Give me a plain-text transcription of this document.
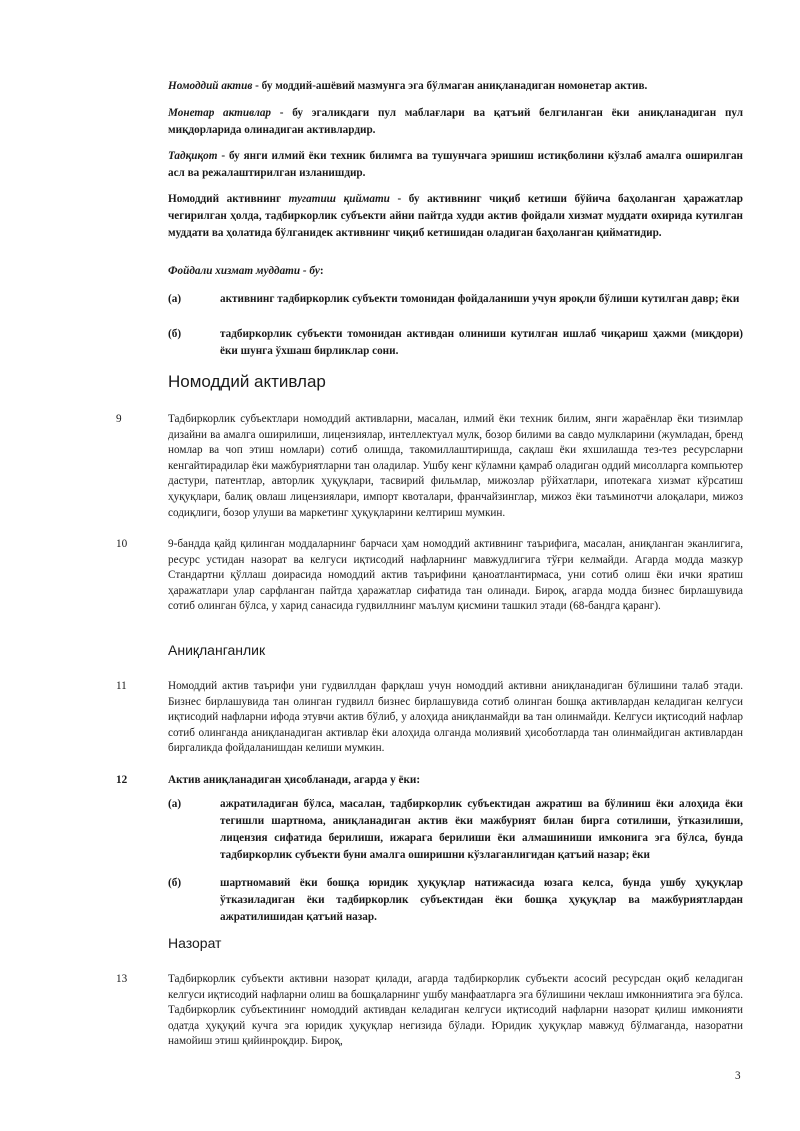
Номоддий актив - бу моддий-ашёвий мазмунга эга бўлмаган аниқланадиган номонетар актив.

Монетар активлар - бу эгаликдаги пул маблағлари ва қатъий белгиланган ёки аниқланадиган пул миқдорларида олинадиган активлардир.

Тадқиқот - бу янги илмий ёки техник билимга ва тушунчага эришиш истиқболини кўзлаб амалга оширилган асл ва режалаштирилган изланишдир.

Номоддий активнинг тугатиш қиймати - бу активнинг чиқиб кетиши бўйича баҳоланган ҳаражатлар чегирилган ҳолда, тадбиркорлик субъекти айни пайтда худди актив фойдали хизмат муддати охирида кутилган муддати ва ҳолатида бўлганидек активнинг чиқиб кетишидан оладиган баҳоланган қийматидир.

Фойдали хизмат муддати - бу:

(а)	активнинг тадбиркорлик субъекти томонидан фойдаланиши учун яроқли бўлиши кутилган давр; ёки
(б)	тадбиркорлик субъекти томонидан активдан олиниши кутилган ишлаб чиқариш ҳажми (миқдори) ёки шунга ўхшаш бирликлар сони.
Номоддий активлар
9	Тадбиркорлик субъектлари номоддий активларни, масалан, илмий ёки техник билим, янги жараёнлар ёки тизимлар дизайни ва амалга оширилиши, лицензиялар, интеллектуал мулк, бозор билими ва савдо мулкларини (жумладан, бренд номлар ва чоп этиш номлари) сотиб олишда, такомиллаштиришда, сақлаш ёки яхшилашда тез-тез ресурсларни кенгайтирадилар ёки мажбуриятларни тан оладилар. Ушбу кенг кўламни қамраб оладиган оддий мисолларга компьютер дастури, патентлар, авторлик ҳуқуқлари, тасвирий фильмлар, мижозлар рўйхатлари, ипотекага хизмат кўрсатиш ҳуқуқлари, балиқ овлаш лицензиялари, импорт квоталари, франчайзинглар, мижоз ёки таъминотчи алоқалари, мижоз содиқлиги, бозор улуши ва маркетинг ҳуқуқларини келтириш мумкин.

10	9-бандда қайд қилинган моддаларнинг барчаси ҳам номоддий активнинг таърифига, масалан, аниқланган эканлигига, ресурс устидан назорат ва келгуси иқтисодий нафларнинг мавжудлигига тўғри келмайди. Агарда модда мазкур Стандартни қўллаш доирасида номоддий актив таърифини қаноатлантирмаса, уни сотиб олиш ёки ички яратиш ҳаражатлари улар сарфланган пайтда ҳаражатлар сифатида тан олинади. Бироқ, агарда модда бизнес бирлашувида сотиб олинган бўлса, у харид санасида гудвиллнинг маълум қисмини ташкил этади (68-бандга қаранг).

Аниқланганлик
11	Номоддий актив таърифи уни гудвиллдан фарқлаш учун номоддий активни аниқланадиган бўлишини талаб этади. Бизнес бирлашувида тан олинган гудвилл бизнес бирлашувида сотиб олинган бошқа активлардан келадиган келгуси иқтисодий нафларни ифода этувчи актив бўлиб, у алоҳида аниқланмайди ва тан олинмайди. Келгуси иқтисодий нафлар сотиб олинганда аниқланадиган активлар ёки алоҳида олганда молиявий ҳисоботларда тан олинмайдиган активлардан биргаликда фойдаланишдан келиши мумкин.

12	Актив аниқланадиган ҳисобланади, агарда у ёки:

(а)	ажратиладиган бўлса, масалан, тадбиркорлик субъектидан ажратиш ва бўлиниш ёки алоҳида ёки тегишли шартнома, аниқланадиган актив ёки мажбурият билан бирга сотилиши, ўтказилиши, лицензия сифатида берилиши, ижарага берилиши ёки алмашиниши имконига эга бўлса, бунда тадбиркорлик субъекти буни амалга оширишни кўзлаганлигидан қатъий назар; ёки
(б)	шартномавий ёки бошқа юридик ҳуқуқлар натижасида юзага келса, бунда ушбу ҳуқуқлар ўтказиладиган ёки тадбиркорлик субъектидан ёки бошқа ҳуқуқлар ва мажбуриятлардан ажратилишидан қатъий назар.
Назорат
13	Тадбиркорлик субъекти активни назорат қилади, агарда тадбиркорлик субъекти асосий ресурсдан оқиб келадиган келгуси иқтисодий нафларни олиш ва бошқаларнинг ушбу манфаатларга эга бўлишини чеклаш имконниятига эга бўлса. Тадбиркорлик субъектининг номоддий активдан келадиган келгуси иқтисодий нафларни назорат қилиш имконияти одатда ҳуқуқий кучга эга юридик ҳуқуқлар негизида бўлади. Юридик ҳуқуқлар мавжуд бўлмаганда, назоратни намойиш этиш қийинроқдир. Бироқ,

3
